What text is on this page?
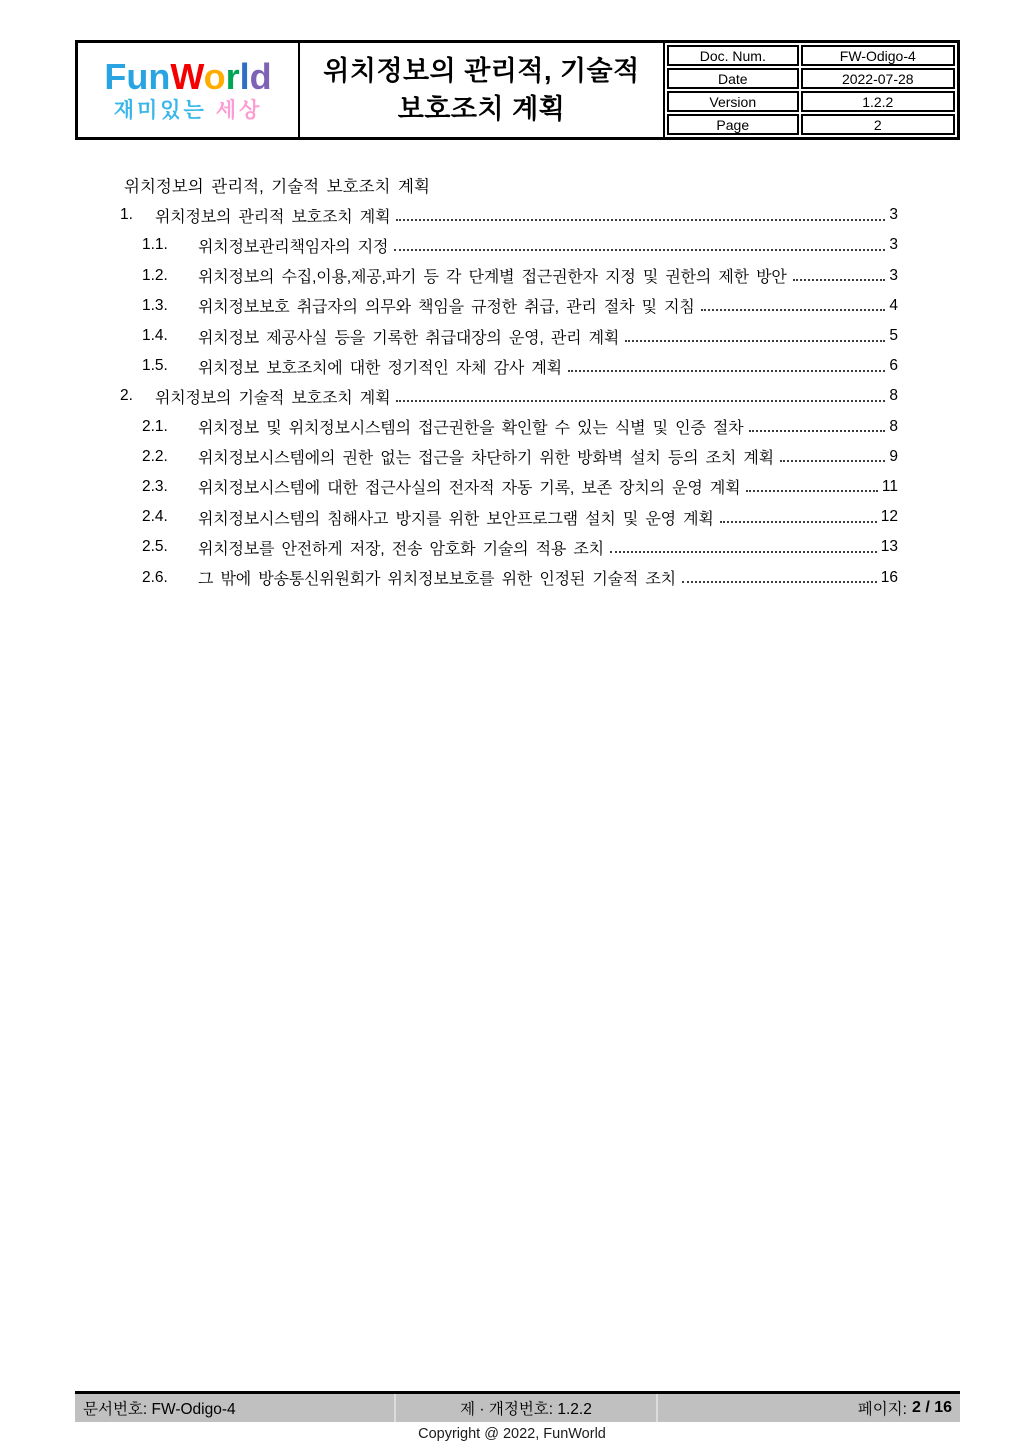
FunWorld
재미있는 세상
위치정보의 관리적, 기술적
보호조치 계획
Doc. Num.	FW-Odigo-4
Date	2022-07-28
Version	1.2.2
Page	2
위치정보의 관리적, 기술적 보호조치 계획
1.	위치정보의 관리적 보호조치 계획	3
1.1.	위치정보관리책임자의 지정	3
1.2.	위치정보의 수집,이용,제공,파기 등 각 단계별 접근권한자 지정 및 권한의 제한 방안	3
1.3.	위치정보보호 취급자의 의무와 책임을 규정한 취급, 관리 절차 및 지침	4
1.4.	위치정보 제공사실 등을 기록한 취급대장의 운영, 관리 계획	5
1.5.	위치정보 보호조치에 대한 정기적인 자체 감사 계획	6
2.	위치정보의 기술적 보호조치 계획	8
2.1.	위치정보 및 위치정보시스템의 접근권한을 확인할 수 있는 식별 및 인증 절차	8
2.2.	위치정보시스템에의 권한 없는 접근을 차단하기 위한 방화벽 설치 등의 조치 계획	9
2.3.	위치정보시스템에 대한 접근사실의 전자적 자동 기록, 보존 장치의 운영 계획	11
2.4.	위치정보시스템의 침해사고 방지를 위한 보안프로그램 설치 및 운영 계획	12
2.5.	위치정보를 안전하게 저장, 전송 암호화 기술의 적용 조치	13
2.6.	그 밖에 방송통신위원회가 위치정보보호를 위한 인정된 기술적 조치	16
문서번호: FW-Odigo-4	제 · 개정번호: 1.2.2	페이지: 2 / 16
Copyright @ 2022, FunWorld
